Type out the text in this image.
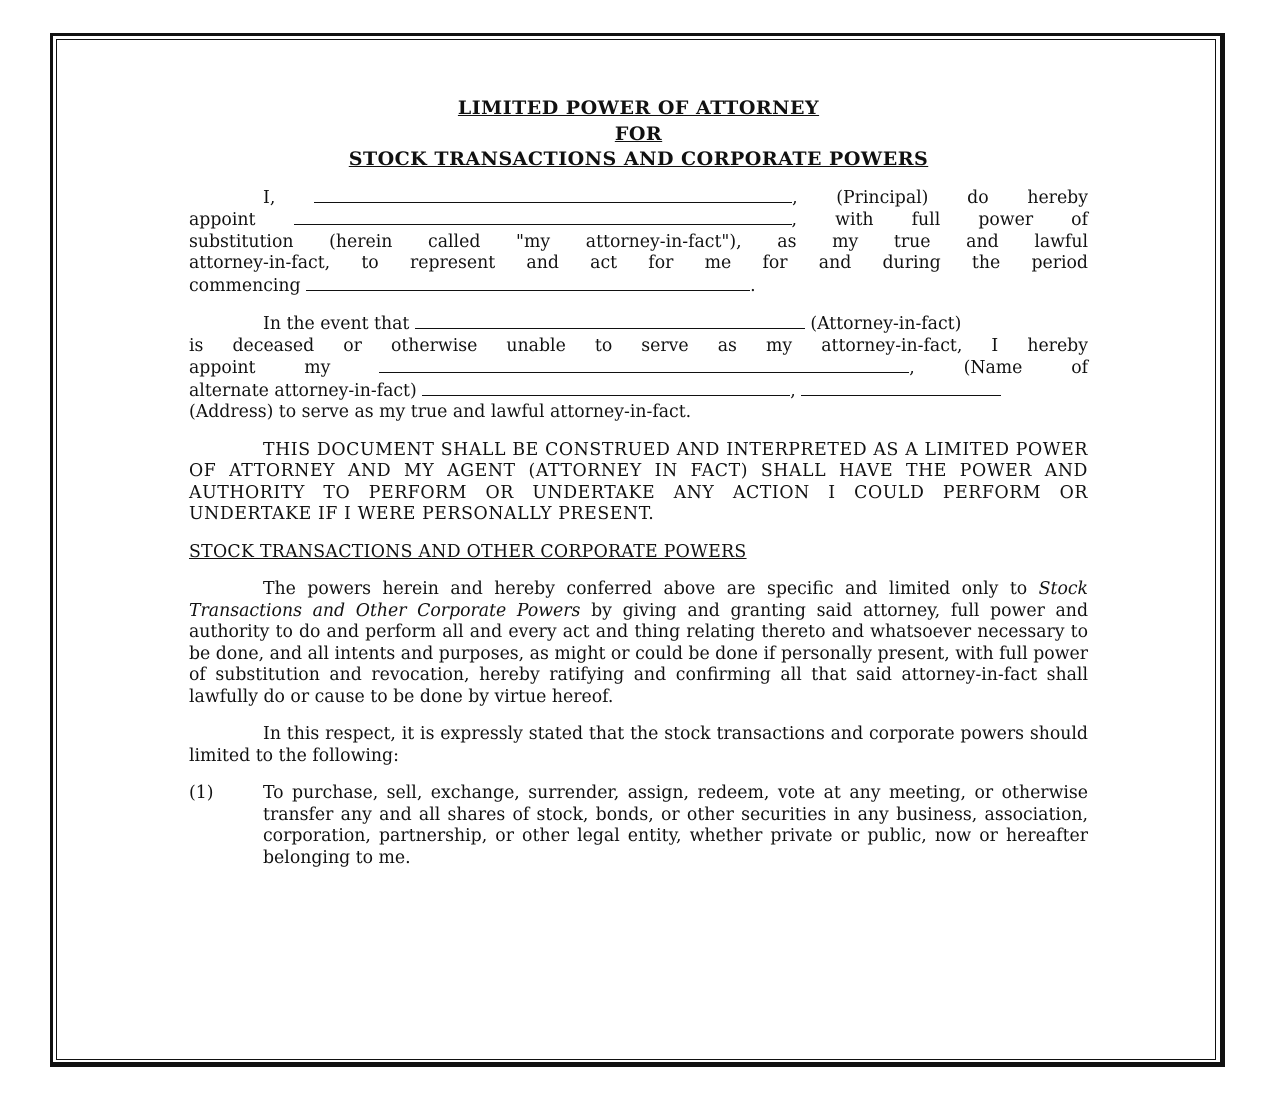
LIMITED POWER OF ATTORNEY

FOR

STOCK TRANSACTIONS AND CORPORATE POWERS

I,	, (Principal) do hereby
appoint	, with full power of
substitution (herein called "my attorney-in-fact"), as my true and lawful
attorney-in-fact, to represent and act for me for and during the period
commencing	.
In the event that	(Attorney-in-fact)
is deceased or otherwise unable to serve as my attorney-in-fact, I hereby
appoint my	, (Name of
alternate attorney-in-fact)	,
(Address) to serve as my true and lawful attorney-in-fact.

THIS DOCUMENT SHALL BE CONSTRUED AND INTERPRETED AS A LIMITED POWER OF ATTORNEY AND MY AGENT (ATTORNEY IN FACT) SHALL HAVE THE POWER AND AUTHORITY TO PERFORM OR UNDERTAKE ANY ACTION I COULD PERFORM OR UNDERTAKE IF I WERE PERSONALLY PRESENT.

STOCK TRANSACTIONS AND OTHER CORPORATE POWERS

The powers herein and hereby conferred above are specific and limited only to Stock Transactions and Other Corporate Powers by giving and granting said attorney, full power and authority to do and perform all and every act and thing relating thereto and whatsoever necessary to be done, and all intents and purposes, as might or could be done if personally present, with full power of substitution and revocation, hereby ratifying and confirming all that said attorney-in-fact shall lawfully do or cause to be done by virtue hereof.

In this respect, it is expressly stated that the stock transactions and corporate powers should limited to the following:

(1)	To purchase, sell, exchange, surrender, assign, redeem, vote at any meeting, or otherwise transfer any and all shares of stock, bonds, or other securities in any business, association, corporation, partnership, or other legal entity, whether private or public, now or hereafter belonging to me.
